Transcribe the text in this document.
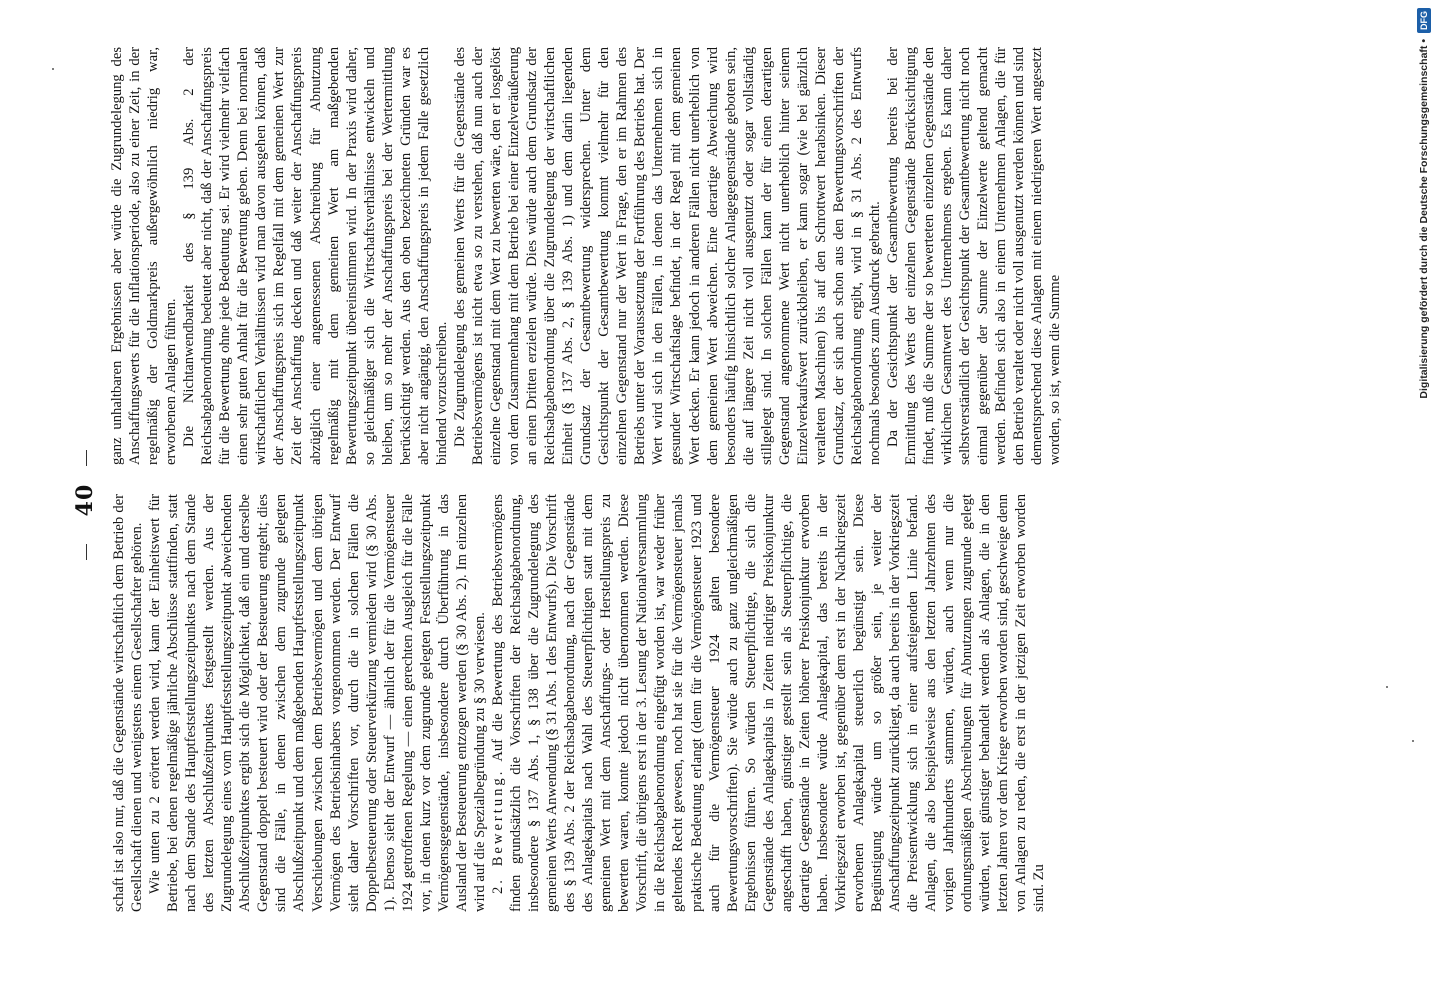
40 schaft ist also nur, daß die Gegenstände wirtschaftlich dem Betrieb der Gesellschaft dienen und wenigstens einem Gesellschafter gehören. Wie unten zu 2 erörtert werden wird, kann der Einheitswert für Betriebe, bei denen regelmäßige jährliche Abschlüsse stattfinden, statt nach dem Stande des Hauptfeststellungszeitpunktes nach dem Stande des letzten Abschlußzeitpunktes festgestellt werden. Aus der Zugrundelegung eines vom Hauptfeststellungszeitpunkt abweichenden Abschlußzeitpunktes ergibt sich die Möglichkeit, daß ein und derselbe Gegenstand doppelt besteuert wird oder der Besteuerung entgeht; dies sind die Fälle, in denen zwischen dem zugrunde gelegten Abschlußzeitpunkt und dem maßgebenden Hauptfeststellungszeitpunkt Verschiebungen zwischen dem Betriebsvermögen und dem übrigen Vermögen des Betriebsinhabers vorgenommen werden. Der Entwurf sieht daher Vorschriften vor, durch die in solchen Fällen die Doppelbesteuerung oder Steuerverkürzung vermieden wird (§ 30 Abs. 1). Ebenso sieht der Entwurf — ähnlich der für die Vermögensteuer 1924 getroffenen Regelung — einen gerechten Ausgleich für die Fälle vor, in denen kurz vor dem zugrunde gelegten Feststellungszeitpunkt Vermögensgegenstände, insbesondere durch Überführung in das Ausland der Besteuerung entzogen werden (§ 30 Abs. 2). Im einzelnen wird auf die Spezialbegründung zu § 30 verwiesen. 2. Bewertung. Auf die Bewertung des Betriebsvermögens finden grundsätzlich die Vorschriften der Reichsabgabenordnung, insbesondere § 137 Abs. 1, § 138 über die Zugrundelegung des gemeinen Werts Anwendung (§ 31 Abs. 1 des Entwurfs). Die Vorschrift des § 139 Abs. 2 der Reichsabgabenordnung, nach der Gegenstände des Anlagekapitals nach Wahl des Steuerpflichtigen statt mit dem gemeinen Wert mit dem Anschaffungs- oder Herstellungspreis zu bewerten waren, konnte jedoch nicht übernommen werden. Diese Vorschrift, die übrigens erst in der 3. Lesung der Nationalversammlung in die Reichsabgabenordnung eingefügt worden ist, war weder früher geltendes Recht gewesen, noch hat sie für die Vermögensteuer jemals praktische Bedeutung erlangt (denn für die Vermögensteuer 1923 und auch für die Vermögensteuer 1924 galten besondere Bewertungsvorschriften). Sie würde auch zu ganz ungleichmäßigen Ergebnissen führen. So würden Steuerpflichtige, die sich die Gegenstände des Anlagekapitals in Zeiten niedriger Preiskonjunktur angeschafft haben, günstiger gestellt sein als Steuerpflichtige, die derartige Gegenstände in Zeiten höherer Preiskonjunktur erworben haben. Insbesondere würde Anlagekapital, das bereits in der Vorkriegszeit erworben ist, gegenüber dem erst in der Nachkriegszeit erworbenen Anlagekapital steuerlich begünstigt sein. Diese Begünstigung würde um so größer sein, je weiter der Anschaffungszeitpunkt zurückliegt, da auch bereits in der Vorkriegszeit die Preisentwicklung sich in einer aufsteigenden Linie befand. Anlagen, die also beispielsweise aus den letzten Jahrzehnten des vorigen Jahrhunderts stammen, würden, auch wenn nur die ordnungsmäßigen Abschreibungen für Abnutzungen zugrunde gelegt würden, weit günstiger behandelt werden als Anlagen, die in den letzten Jahren vor dem Kriege erworben worden sind, geschweige denn von Anlagen zu reden, die erst in der jetzigen Zeit erworben worden sind. Zu

ganz unhaltbaren Ergebnissen aber würde die Zugrundelegung des Anschaffungswerts für die Inflationsperiode, also zu einer Zeit, in der regelmäßig der Goldmarkpreis außergewöhnlich niedrig war, erworbenen Anlagen führen. Die Nichtanwendbarkeit des § 139 Abs. 2 der Reichsabgabenordnung bedeutet aber nicht, daß der Anschaffungspreis für die Bewertung ohne jede Bedeutung sei. Er wird vielmehr vielfach einen sehr guten Anhalt für die Bewertung geben. Denn bei normalen wirtschaftlichen Verhältnissen wird man davon ausgehen können, daß der Anschaffungspreis sich im Regelfall mit dem gemeinen Wert zur Zeit der Anschaffung decken und daß weiter der Anschaffungspreis abzüglich einer angemessenen Abschreibung für Abnutzung regelmäßig mit dem gemeinen Wert am maßgebenden Bewertungszeitpunkt übereinstimmen wird. In der Praxis wird daher, so gleichmäßiger sich die Wirtschaftsverhältnisse entwickeln und bleiben, um so mehr der Anschaffungspreis bei der Wertermittlung berücksichtigt werden. Aus den oben bezeichneten Gründen war es aber nicht angängig, den Anschaffungspreis in jedem Falle gesetzlich bindend vorzuschreiben. Die Zugrundelegung des gemeinen Werts für die Gegenstände des Betriebsvermögens ist nicht etwa so zu verstehen, daß nun auch der einzelne Gegenstand mit dem Wert zu bewerten wäre, den er losgelöst von dem Zusammenhang mit dem Betrieb bei einer Einzelveräußerung an einen Dritten erzielen würde. Dies würde auch dem Grundsatz der Reichsabgabenordnung über die Zugrundelegung der wirtschaftlichen Einheit (§ 137 Abs. 2, § 139 Abs. 1) und dem darin liegenden Grundsatz der Gesamtbewertung widersprechen. Unter dem Gesichtspunkt der Gesamtbewertung kommt vielmehr für den einzelnen Gegenstand nur der Wert in Frage, den er im Rahmen des Betriebs unter der Voraussetzung der Fortführung des Betriebs hat. Der Wert wird sich in den Fällen, in denen das Unternehmen sich in gesunder Wirtschaftslage befindet, in der Regel mit dem gemeinen Wert decken. Er kann jedoch in anderen Fällen nicht unerheblich von dem gemeinen Wert abweichen. Eine derartige Abweichung wird besonders häufig hinsichtlich solcher Anlagegegenstände geboten sein, die auf längere Zeit nicht voll ausgenutzt oder sogar vollständig stillgelegt sind. In solchen Fällen kann der für einen derartigen Gegenstand angenommene Wert nicht unerheblich hinter seinem Einzelverkaufswert zurückbleiben, er kann sogar (wie bei gänzlich veralteten Maschinen) bis auf den Schrottwert herabsinken. Dieser Grundsatz, der sich auch schon aus den Bewertungsvorschriften der Reichsabgabenordnung ergibt, wird in § 31 Abs. 2 des Entwurfs nochmals besonders zum Ausdruck gebracht. Da der Gesichtspunkt der Gesamtbewertung bereits bei der Ermittlung des Werts der einzelnen Gegenstände Berücksichtigung findet, muß die Summe der so bewerteten einzelnen Gegenstände den wirklichen Gesamtwert des Unternehmens ergeben. Es kann daher selbstverständlich der Gesichtspunkt der Gesamtbewertung nicht noch einmal gegenüber der Summe der Einzelwerte geltend gemacht werden. Befinden sich also in einem Unternehmen Anlagen, die für den Betrieb veraltet oder nicht voll ausgenutzt werden können und sind dementsprechend diese Anlagen mit einem niedrigeren Wert angesetzt worden, so ist, wenn die Summe	Digitalisierung gefördert durch die Deutsche Forschungsgemeinschaft •
DFG
